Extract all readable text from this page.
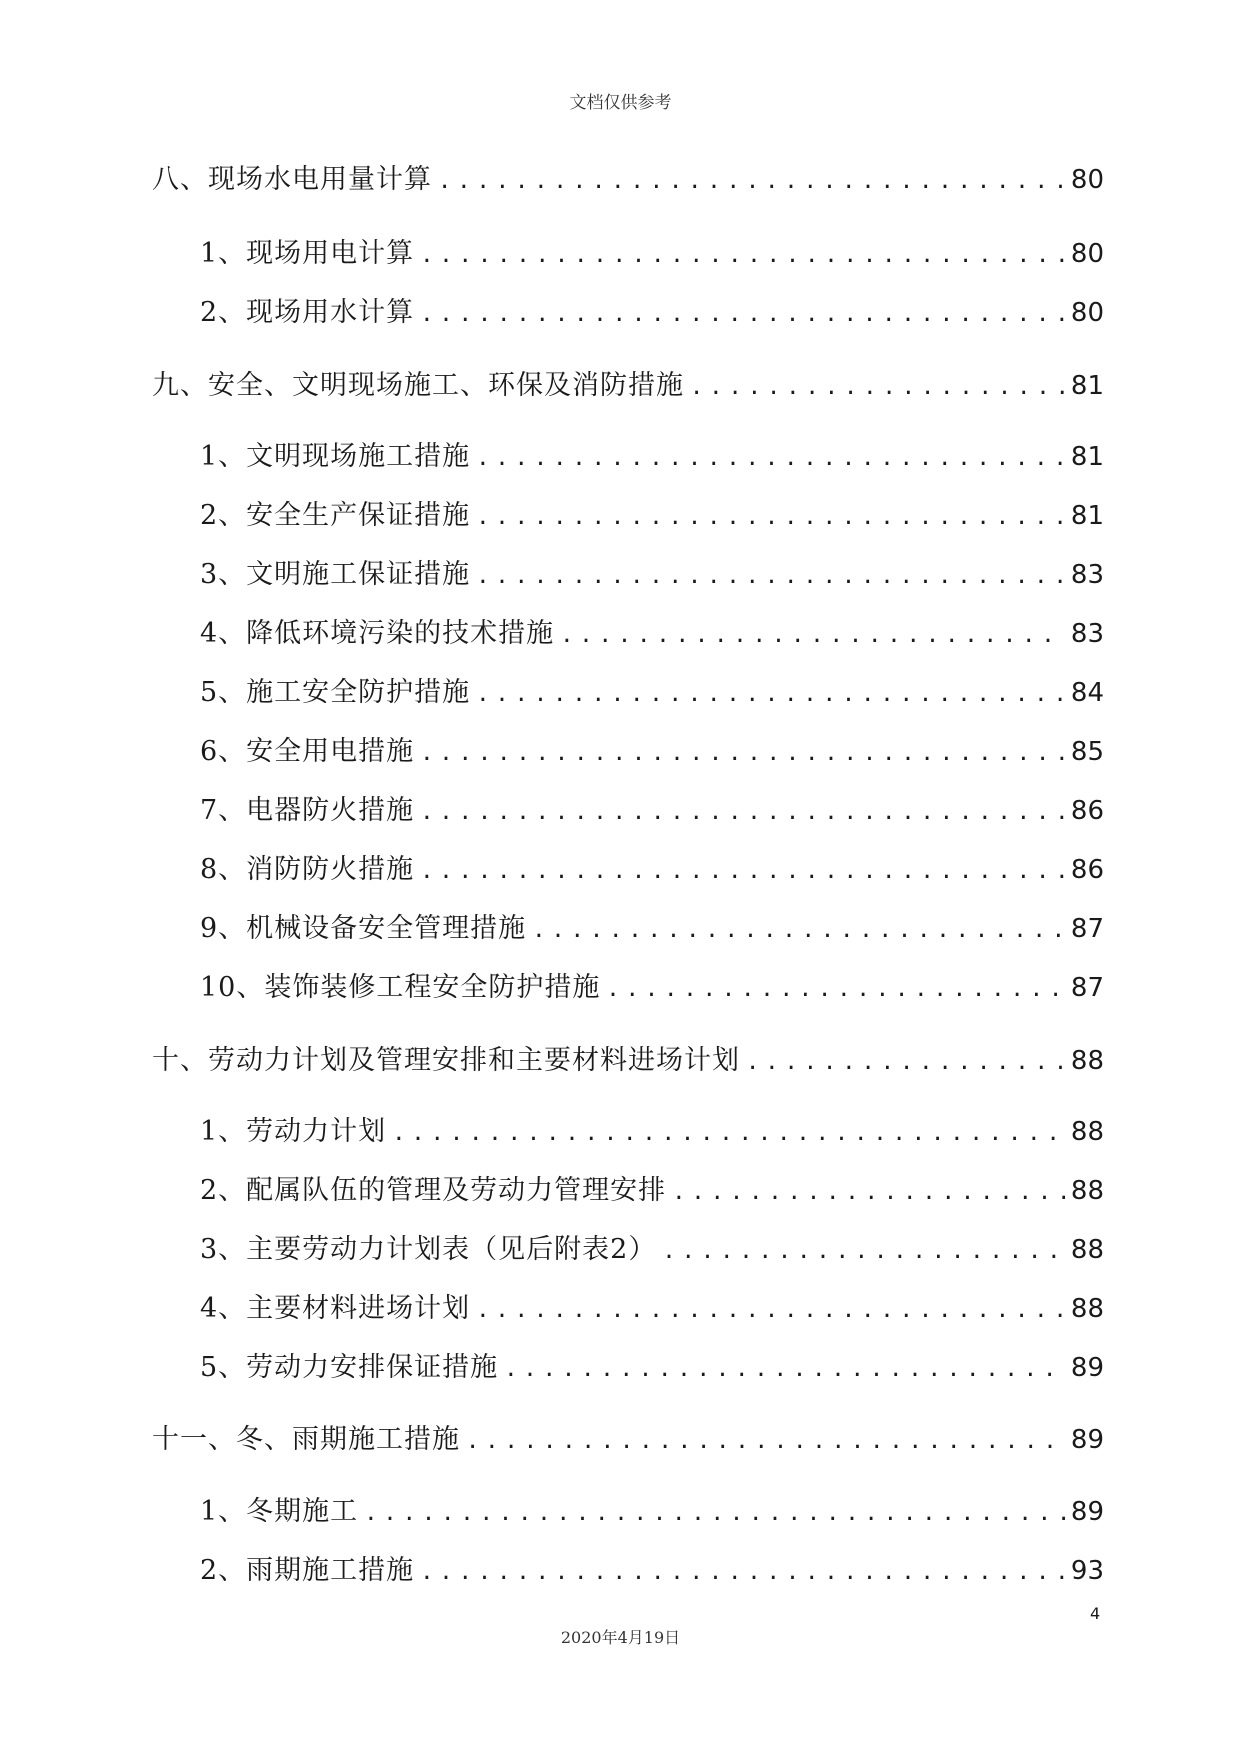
文档仅供参考
八、现场水电用量计算 .....	80
1、现场用电计算 .....	80
2、现场用水计算 .....	80
九、安全、文明现场施工、环保及消防措施 .....	81
1、文明现场施工措施 .....	81
2、安全生产保证措施 .....	81
3、文明施工保证措施 .....	83
4、降低环境污染的技术措施 .....	83
5、施工安全防护措施 .....	84
6、安全用电措施 .....	85
7、电器防火措施 .....	86
8、消防防火措施 .....	86
9、机械设备安全管理措施 .....	87
10、装饰装修工程安全防护措施 .....	87
十、劳动力计划及管理安排和主要材料进场计划 .....	88
1、劳动力计划 .....	88
2、配属队伍的管理及劳动力管理安排 .....	88
3、主要劳动力计划表（见后附表2） .....	88
4、主要材料进场计划 .....	88
5、劳动力安排保证措施 .....	89
十一、冬、雨期施工措施 .....	89
1、冬期施工 .....	89
2、雨期施工措施 .....	93
4
2020年4月19日
